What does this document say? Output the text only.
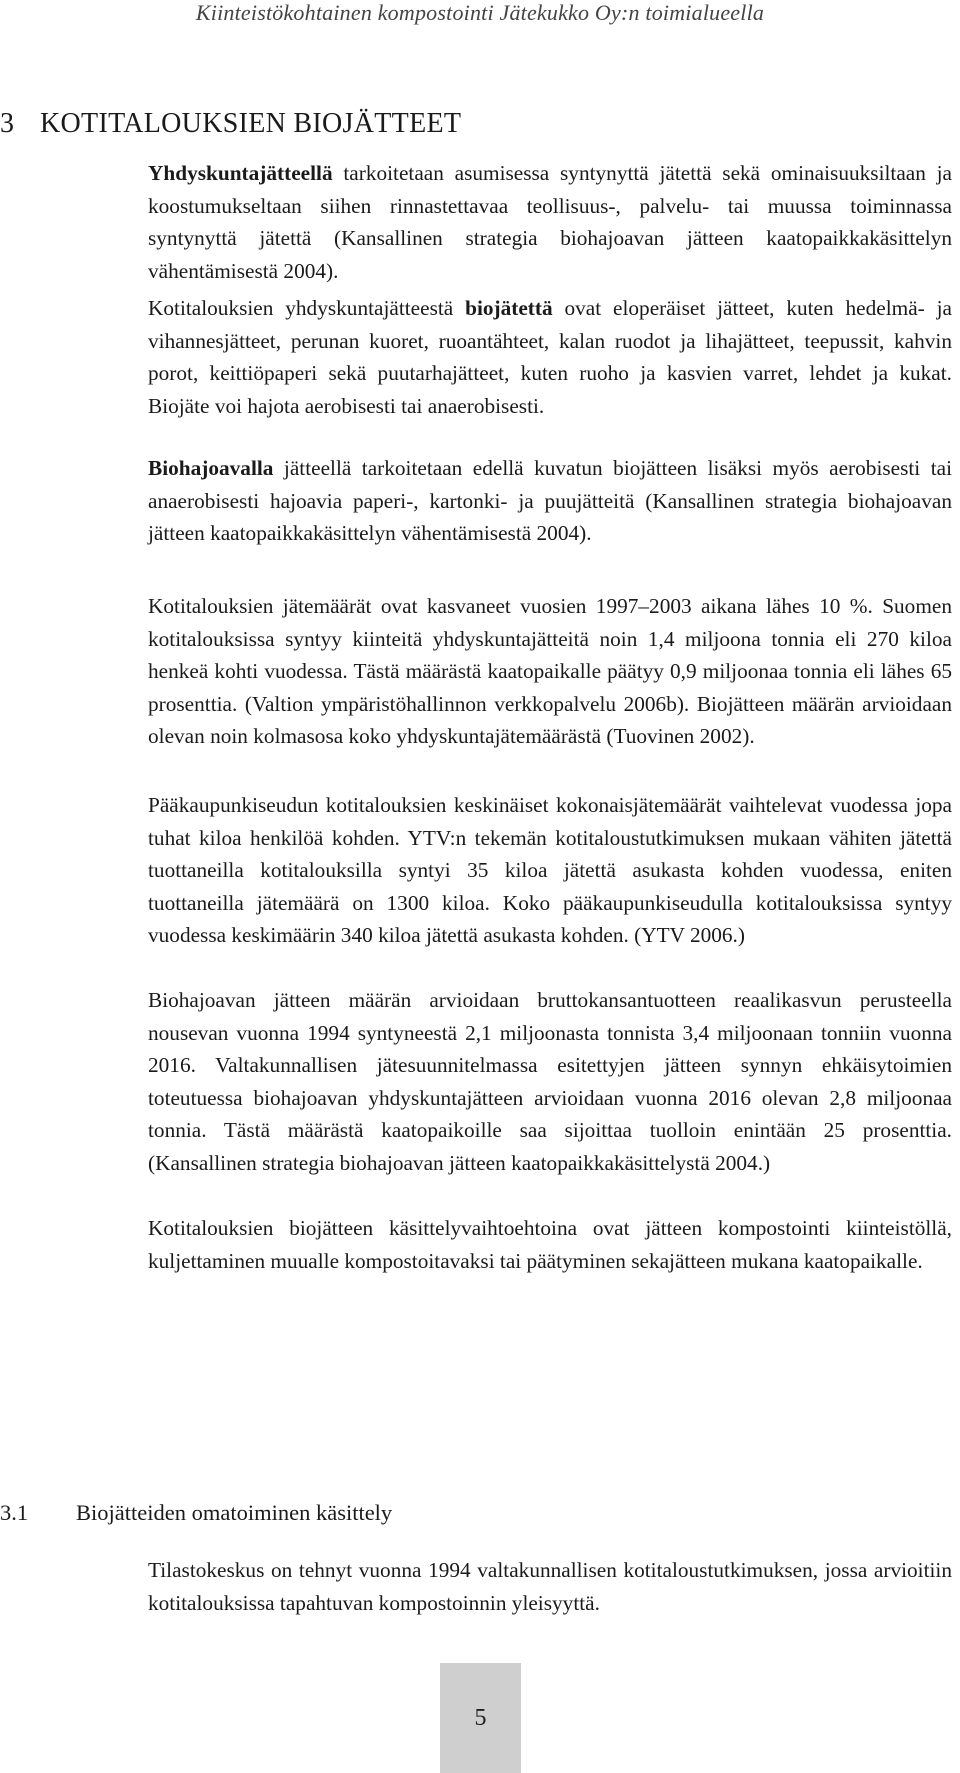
Kiinteistökohtainen kompostointi Jätekukko Oy:n toimialueella
3 KOTITALOUKSIEN BIOJÄTTEET

Yhdyskuntajätteellä tarkoitetaan asumisessa syntynyttä jätettä sekä ominaisuuksiltaan ja koostumukseltaan siihen rinnastettavaa teollisuus-, palvelu- tai muussa toiminnassa syntynyttä jätettä (Kansallinen strategia biohajoavan jätteen kaatopaikkakäsittelyn vähentämisestä 2004).

Kotitalouksien yhdyskuntajätteestä biojätettä ovat eloperäiset jätteet, kuten hedelmä- ja vihannesjätteet, perunan kuoret, ruoantähteet, kalan ruodot ja lihajätteet, teepussit, kahvin porot, keittiöpaperi sekä puutarhajätteet, kuten ruoho ja kasvien varret, lehdet ja kukat. Biojäte voi hajota aerobisesti tai anaerobisesti.

Biohajoavalla jätteellä tarkoitetaan edellä kuvatun biojätteen lisäksi myös aerobisesti tai anaerobisesti hajoavia paperi-, kartonki- ja puujätteitä (Kansallinen strategia biohajoavan jätteen kaatopaikkakäsittelyn vähentämisestä 2004).

Kotitalouksien jätemäärät ovat kasvaneet vuosien 1997–2003 aikana lähes 10 %. Suomen kotitalouksissa syntyy kiinteitä yhdyskuntajätteitä noin 1,4 miljoona tonnia eli 270 kiloa henkeä kohti vuodessa. Tästä määrästä kaatopaikalle päätyy 0,9 miljoonaa tonnia eli lähes 65 prosenttia. (Valtion ympäristöhallinnon verkkopalvelu 2006b). Biojätteen määrän arvioidaan olevan noin kolmasosa koko yhdyskuntajätemäärästä (Tuovinen 2002).

Pääkaupunkiseudun kotitalouksien keskinäiset kokonaisjätemäärät vaihtelevat vuodessa jopa tuhat kiloa henkilöä kohden. YTV:n tekemän kotitaloustutkimuksen mukaan vähiten jätettä tuottaneilla kotitalouksilla syntyi 35 kiloa jätettä asukasta kohden vuodessa, eniten tuottaneilla jätemäärä on 1300 kiloa. Koko pääkaupunkiseudulla kotitalouksissa syntyy vuodessa keskimäärin 340 kiloa jätettä asukasta kohden. (YTV 2006.)

Biohajoavan jätteen määrän arvioidaan bruttokansantuotteen reaalikasvun perusteella nousevan vuonna 1994 syntyneestä 2,1 miljoonasta tonnista 3,4 miljoonaan tonniin vuonna 2016. Valtakunnallisen jätesuunnitelmassa esitettyjen jätteen synnyn ehkäisytoimien toteutuessa biohajoavan yhdyskuntajätteen arvioidaan vuonna 2016 olevan 2,8 miljoonaa tonnia. Tästä määrästä kaatopaikoille saa sijoittaa tuolloin enintään 25 prosenttia. (Kansallinen strategia biohajoavan jätteen kaatopaikkakäsittelystä 2004.)

Kotitalouksien biojätteen käsittelyvaihtoehtoina ovat jätteen kompostointi kiinteistöllä, kuljettaminen muualle kompostoitavaksi tai päätyminen sekajätteen mukana kaatopaikalle.

3.1 Biojätteiden omatoiminen käsittely

Tilastokeskus on tehnyt vuonna 1994 valtakunnallisen kotitaloustutkimuksen, jossa arvioitiin kotitalouksissa tapahtuvan kompostoinnin yleisyyttä.

5
